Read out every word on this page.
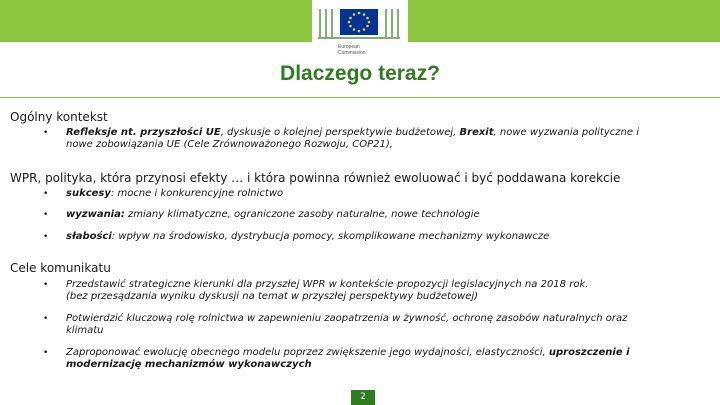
European
Commission
Dlaczego teraz?
Ogólny kontekst
• Refleksje nt. przyszłości UE, dyskusje o kolejnej perspektywie budżetowej, Brexit, nowe wyzwania polityczne i
nowe zobowiązania UE (Cele Zrównoważonego Rozwoju, COP21),
WPR, polityka, która przynosi efekty … i która powinna również ewoluować i być poddawana korekcie
• sukcesy: mocne i konkurencyjne rolnictwo
• wyzwania: zmiany klimatyczne, ograniczone zasoby naturalne, nowe technologie
• słabości: wpływ na środowisko, dystrybucja pomocy, skomplikowane mechanizmy wykonawcze
Cele komunikatu
• Przedstawić strategiczne kierunki dla przyszłej WPR w kontekście propozycji legislacyjnych na 2018 rok.
(bez przesądzania wyniku dyskusji na temat w przyszłej perspektywy budżetowej)
• Potwierdzić kluczową rolę rolnictwa w zapewnieniu zaopatrzenia w żywność, ochronę zasobów naturalnych oraz
klimatu
• Zaproponować ewolucję obecnego modelu poprzez zwiększenie jego wydajności, elastyczności, uproszczenie i
modernizację mechanizmów wykonawczych
2
